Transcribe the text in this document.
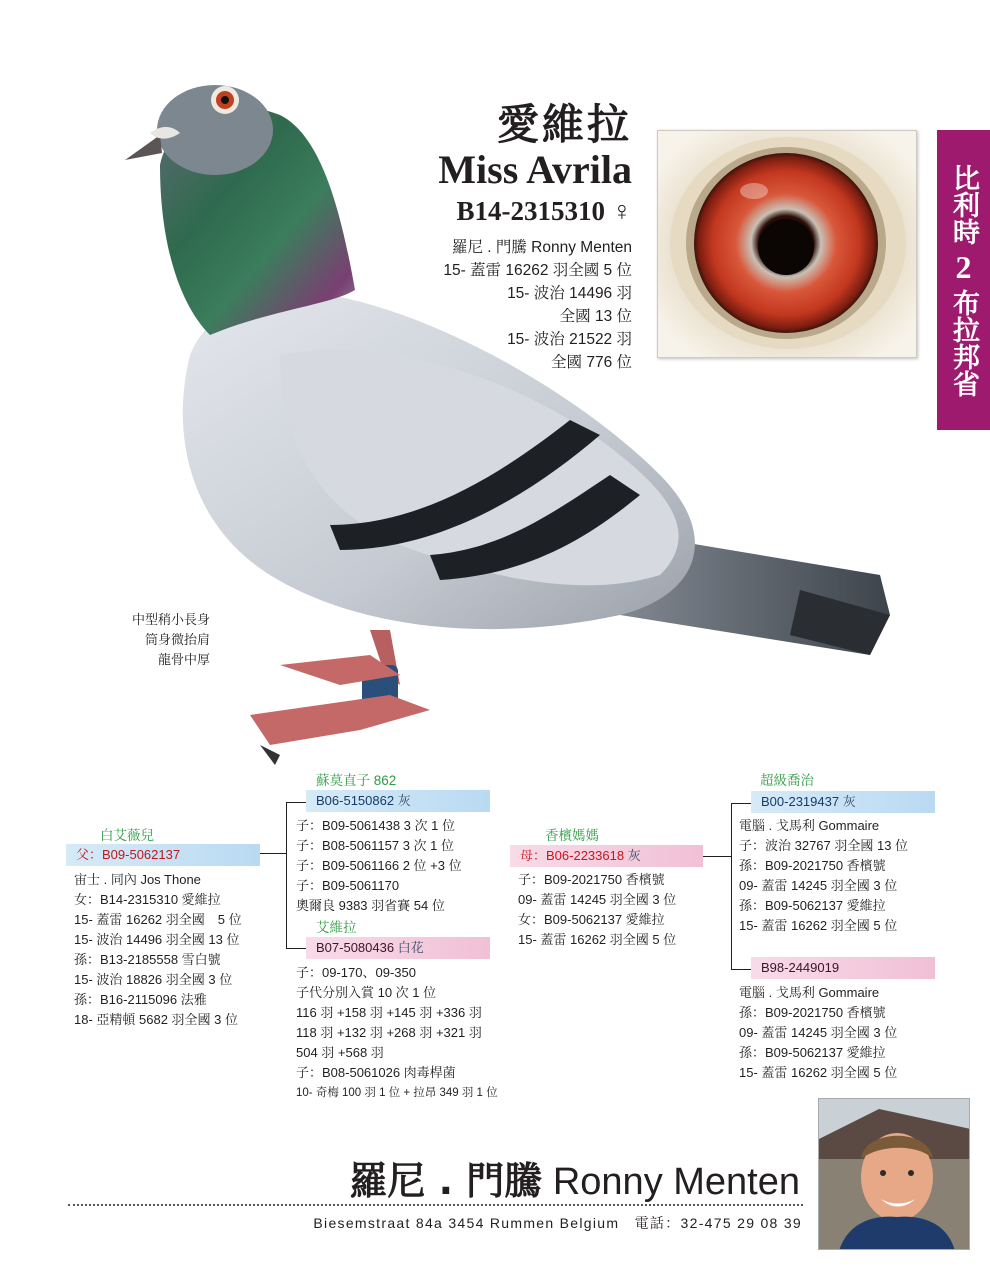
愛維拉
Miss Avrila
B14-2315310 ♀
羅尼 . 門騰 Ronny Menten
15- 蓋雷 16262 羽全國 5 位
15- 波治 14496 羽
全國 13 位
15- 波治 21522 羽
全國 776 位
比利時
2
布拉邦省
中型稍小長身
筒身微抬肩
龍骨中厚
白艾薇兒
父：B09-5062137
宙士 . 同內 Jos Thone
女：B14-2315310 愛維拉
15- 蓋雷 16262 羽全國　5 位
15- 波治 14496 羽全國 13 位
孫：B13-2185558 雪白號
15- 波治 18826 羽全國 3 位
孫：B16-2115096 法雅
18- 亞精頓 5682 羽全國 3 位
蘇莫直子 862
B06-5150862 灰
子：B09-5061438 3 次 1 位
子：B08-5061157 3 次 1 位
子：B09-5061166 2 位 +3 位
子：B09-5061170
奧爾良 9383 羽省賽 54 位
艾維拉
B07-5080436 白花
子：09-170、09-350
子代分別入賞 10 次 1 位
116 羽 +158 羽 +145 羽 +336 羽
118 羽 +132 羽 +268 羽 +321 羽
504 羽 +568 羽
子：B08-5061026 肉毒桿菌
10- 奇梅 100 羽 1 位 + 拉昂 349 羽 1 位
香檳媽媽
母：B06-2233618 灰
子：B09-2021750 香檳號
09- 蓋雷 14245 羽全國 3 位
女：B09-5062137 愛維拉
15- 蓋雷 16262 羽全國 5 位
超級喬治
B00-2319437 灰
電腦 . 戈馬利 Gommaire
子：波治 32767 羽全國 13 位
孫：B09-2021750 香檳號
09- 蓋雷 14245 羽全國 3 位
孫：B09-5062137 愛維拉
15- 蓋雷 16262 羽全國 5 位
B98-2449019
電腦 . 戈馬利 Gommaire
孫：B09-2021750 香檳號
09- 蓋雷 14245 羽全國 3 位
孫：B09-5062137 愛維拉
15- 蓋雷 16262 羽全國 5 位
羅尼 . 門騰 Ronny Menten
Biesemstraat 84a 3454 Rummen Belgium　電話：32-475 29 08 39
